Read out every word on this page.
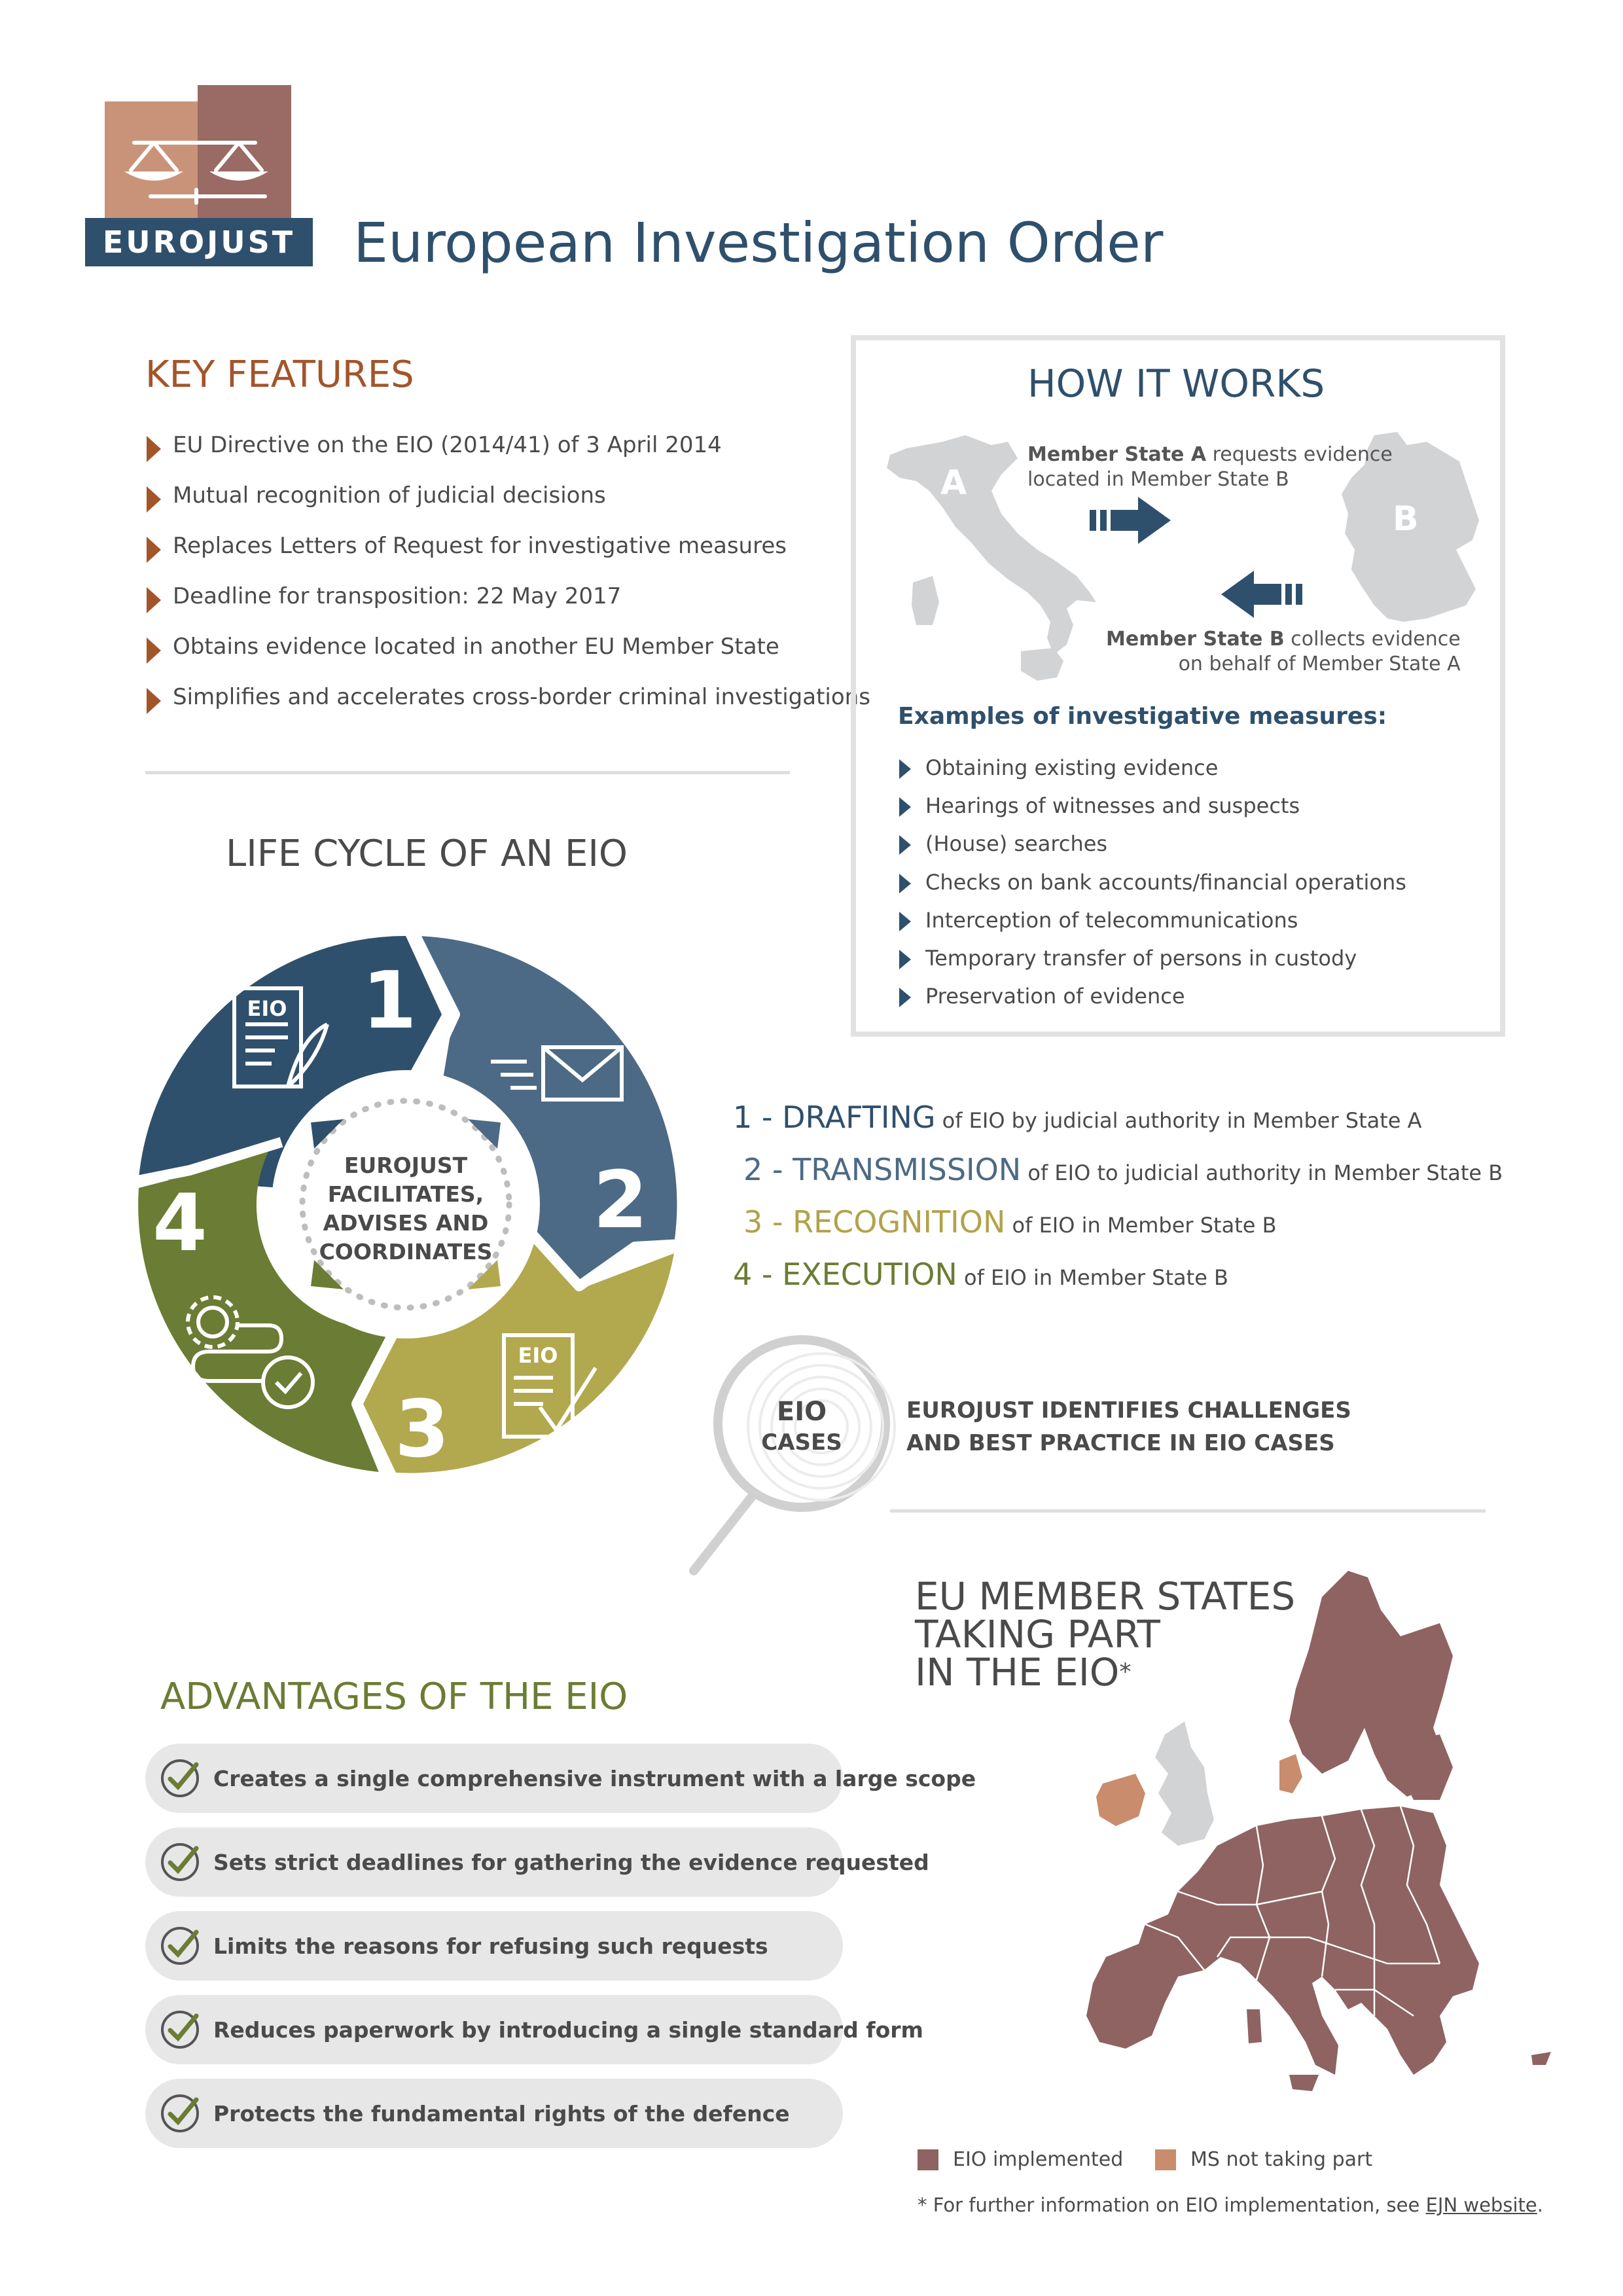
EUROJUST	European Investigation Order
KEY FEATURES
EU Directive on the EIO (2014/41) of 3 April 2014
Mutual recognition of judicial decisions
Replaces Letters of Request for investigative measures
Deadline for transposition: 22 May 2017
Obtains evidence located in another EU Member State
Simplifies and accelerates cross-border criminal investigations
HOW IT WORKS
A
B
Member State A requests evidence
located in Member State B
Member State B collects evidence
on behalf of Member State A
Examples of investigative measures:
Obtaining existing evidence
Hearings of witnesses and suspects
(House) searches
Checks on bank accounts/financial operations
Interception of telecommunications
Temporary transfer of persons in custody
Preservation of evidence
LIFE CYCLE OF AN EIO
EUROJUST
FACILITATES,
ADVISES AND
COORDINATES
1
2
3
4
EIO
EIO
1 - DRAFTING of EIO by judicial authority in Member State A
2 - TRANSMISSION of EIO to judicial authority in Member State B
3 - RECOGNITION of EIO in Member State B
4 - EXECUTION of EIO in Member State B
EIO
CASES
EUROJUST IDENTIFIES CHALLENGES
AND BEST PRACTICE IN EIO CASES
EU MEMBER STATES
TAKING PART
IN THE EIO*
EIO implemented	MS not taking part
* For further information on EIO implementation, see EJN website.
ADVANTAGES OF THE EIO
Creates a single comprehensive instrument with a large scope
Sets strict deadlines for gathering the evidence requested
Limits the reasons for refusing such requests
Reduces paperwork by introducing a single standard form
Protects the fundamental rights of the defence
